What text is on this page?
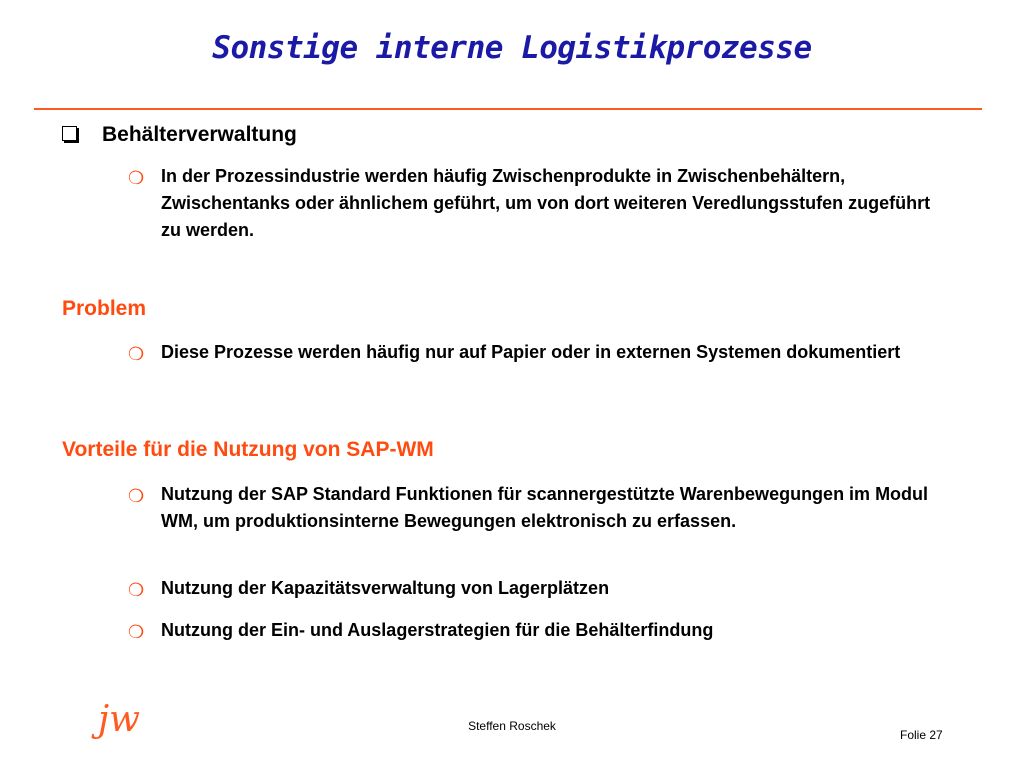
Sonstige interne Logistikprozesse
Behälterverwaltung
❍ In der Prozessindustrie werden häufig Zwischenprodukte in Zwischenbehältern, Zwischentanks oder ähnlichem geführt, um von dort weiteren Veredlungsstufen zugeführt zu werden.
Problem
❍ Diese Prozesse werden häufig nur auf Papier oder in externen Systemen dokumentiert
Vorteile für die Nutzung von SAP-WM
❍ Nutzung der SAP Standard Funktionen für scannergestützte Warenbewegungen im Modul WM, um produktionsinterne Bewegungen elektronisch zu erfassen.
❍ Nutzung der Kapazitätsverwaltung von Lagerplätzen
❍ Nutzung der Ein- und Auslagerstrategien für die Behälterfindung
jw	Steffen Roschek
Folie 27
